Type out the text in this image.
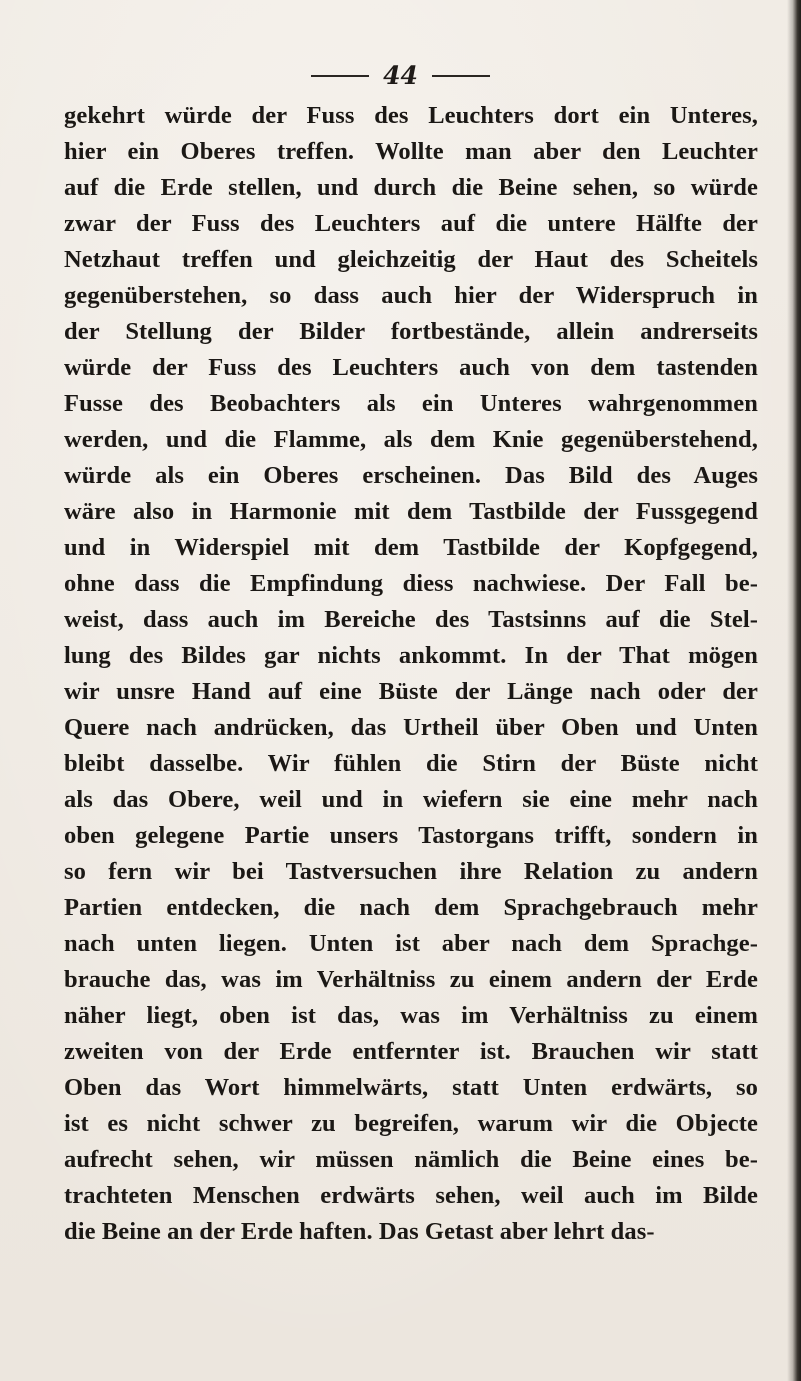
44
gekehrt würde der Fuss des Leuchters dort ein Unteres,
hier ein Oberes treffen. Wollte man aber den Leuchter
auf die Erde stellen, und durch die Beine sehen, so würde
zwar der Fuss des Leuchters auf die untere Hälfte der
Netzhaut treffen und gleichzeitig der Haut des Scheitels
gegenüberstehen, so dass auch hier der Widerspruch in
der Stellung der Bilder fortbestände, allein andrerseits
würde der Fuss des Leuchters auch von dem tastenden
Fusse des Beobachters als ein Unteres wahrgenommen
werden, und die Flamme, als dem Knie gegenüberstehend,
würde als ein Oberes erscheinen. Das Bild des Auges
wäre also in Harmonie mit dem Tastbilde der Fussgegend
und in Widerspiel mit dem Tastbilde der Kopfgegend,
ohne dass die Empfindung diess nachwiese. Der Fall be-
weist, dass auch im Bereiche des Tastsinns auf die Stel-
lung des Bildes gar nichts ankommt. In der That mögen
wir unsre Hand auf eine Büste der Länge nach oder der
Quere nach andrücken, das Urtheil über Oben und Unten
bleibt dasselbe. Wir fühlen die Stirn der Büste nicht
als das Obere, weil und in wiefern sie eine mehr nach
oben gelegene Partie unsers Tastorgans trifft, sondern in
so fern wir bei Tastversuchen ihre Relation zu andern
Partien entdecken, die nach dem Sprachgebrauch mehr
nach unten liegen. Unten ist aber nach dem Sprachge-
brauche das, was im Verhältniss zu einem andern der Erde
näher liegt, oben ist das, was im Verhältniss zu einem
zweiten von der Erde entfernter ist. Brauchen wir statt
Oben das Wort himmelwärts, statt Unten erdwärts, so
ist es nicht schwer zu begreifen, warum wir die Objecte
aufrecht sehen, wir müssen nämlich die Beine eines be-
trachteten Menschen erdwärts sehen, weil auch im Bilde
die Beine an der Erde haften. Das Getast aber lehrt das-
